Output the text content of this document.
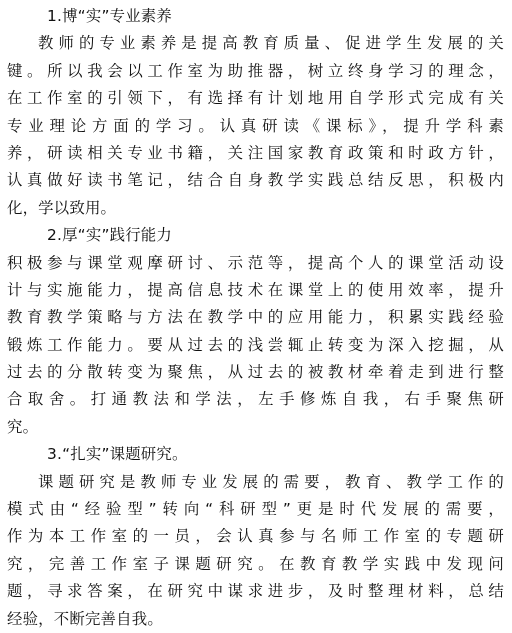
1.博“实”专业素养
教师的专业素养是提高教育质量、促进学生发展的关
键。所以我会以工作室为助推器，树立终身学习的理念，
在工作室的引领下，有选择有计划地用自学形式完成有关
专业理论方面的学习。认真研读《课标》，提升学科素
养，研读相关专业书籍，关注国家教育政策和时政方针，
认真做好读书笔记，结合自身教学实践总结反思，积极内
化，学以致用。
2.厚“实”践行能力
积极参与课堂观摩研讨、示范等，提高个人的课堂活动设
计与实施能力，提高信息技术在课堂上的使用效率，提升
教育教学策略与方法在教学中的应用能力，积累实践经验
锻炼工作能力。要从过去的浅尝辄止转变为深入挖掘，从
过去的分散转变为聚焦，从过去的被教材牵着走到进行整
合取舍。打通教法和学法，左手修炼自我，右手聚焦研
究。
3.“扎实”课题研究。
课题研究是教师专业发展的需要，教育、教学工作的
模式由“经验型”转向“科研型”更是时代发展的需要，
作为本工作室的一员，会认真参与名师工作室的专题研
究，完善工作室子课题研究。在教育教学实践中发现问
题，寻求答案，在研究中谋求进步，及时整理材料，总结
经验，不断完善自我。
